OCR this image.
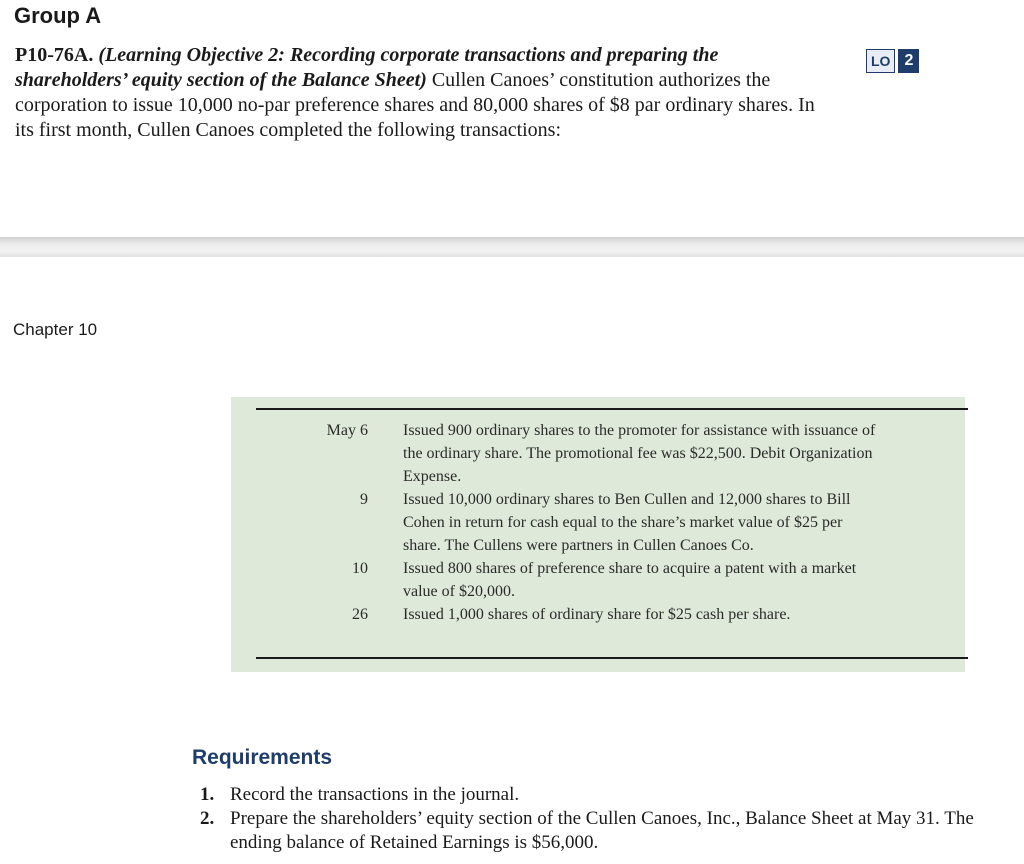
Group A

P10-76A. (Learning Objective 2: Recording corporate transactions and preparing the shareholders’ equity section of the Balance Sheet) Cullen Canoes’ constitution authorizes the corporation to issue 10,000 no-par preference shares and 80,000 shares of $8 par ordinary shares. In its first month, Cullen Canoes completed the following transactions:

LO 2
Chapter 10
May 6	Issued 900 ordinary shares to the promoter for assistance with issuance of the ordinary share. The promotional fee was $22,500. Debit Organization Expense.
9	Issued 10,000 ordinary shares to Ben Cullen and 12,000 shares to Bill Cohen in return for cash equal to the share’s market value of $25 per share. The Cullens were partners in Cullen Canoes Co.
10	Issued 800 shares of preference share to acquire a patent with a market value of $20,000.
26	Issued 1,000 shares of ordinary share for $25 cash per share.
Requirements
1. Record the transactions in the journal.
2. Prepare the shareholders’ equity section of the Cullen Canoes, Inc., Balance Sheet at May 31. The ending balance of Retained Earnings is $56,000.
